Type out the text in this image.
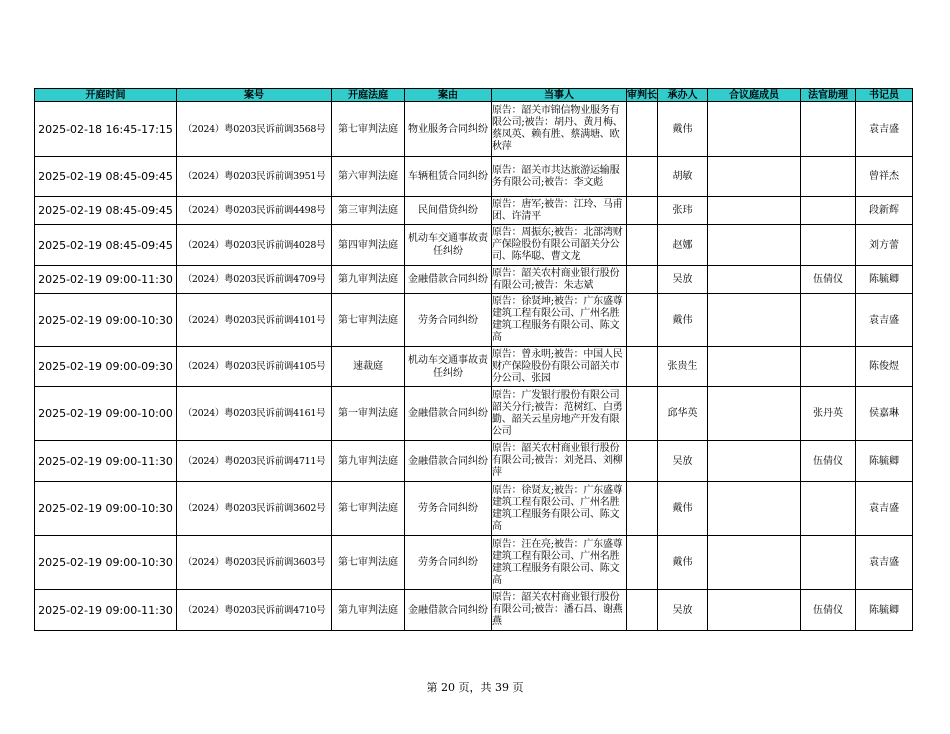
开庭时间	案号	开庭法庭	案由	当事人	审判长	承办人	合议庭成员	法官助理	书记员
2025-02-18 16:45-17:15	（2024）粤0203民诉前调3568号	第七审判法庭	物业服务合同纠纷	原告：韶关市锦信物业服务有限公司;被告：胡丹、黄月梅、蔡凤英、赖有胜、蔡满塘、欧秋萍		戴伟			袁吉盛
2025-02-19 08:45-09:45	（2024）粤0203民诉前调3951号	第六审判法庭	车辆租赁合同纠纷	原告：韶关市共达旅游运输服务有限公司;被告：李文彪		胡敏			曾祥杰
2025-02-19 08:45-09:45	（2024）粤0203民诉前调4498号	第三审判法庭	民间借贷纠纷	原告：唐军;被告：江玲、马甫团、许清平		张玮			段新辉
2025-02-19 08:45-09:45	（2024）粤0203民诉前调4028号	第四审判法庭	机动车交通事故责任纠纷	原告：周振东;被告：北部湾财产保险股份有限公司韶关分公司、陈华聪、曹文龙		赵娜			刘方蕾
2025-02-19 09:00-11:30	（2024）粤0203民诉前调4709号	第九审判法庭	金融借款合同纠纷	原告：韶关农村商业银行股份有限公司;被告：朱志斌		吴放		伍倩仪	陈毓卿
2025-02-19 09:00-10:30	（2024）粤0203民诉前调4101号	第七审判法庭	劳务合同纠纷	原告：徐贤坤;被告：广东盛尊建筑工程有限公司、广州名胜建筑工程服务有限公司、陈文高		戴伟			袁吉盛
2025-02-19 09:00-09:30	（2024）粤0203民诉前调4105号	速裁庭	机动车交通事故责任纠纷	原告：曾永明;被告：中国人民财产保险股份有限公司韶关市分公司、张园		张贵生			陈俊煜
2025-02-19 09:00-10:00	（2024）粤0203民诉前调4161号	第一审判法庭	金融借款合同纠纷	原告：广发银行股份有限公司韶关分行;被告：范树红、白勇勤、韶关云星房地产开发有限公司		邱华英		张丹英	侯嘉琳
2025-02-19 09:00-11:30	（2024）粤0203民诉前调4711号	第九审判法庭	金融借款合同纠纷	原告：韶关农村商业银行股份有限公司;被告：刘尧昌、刘柳萍		吴放		伍倩仪	陈毓卿
2025-02-19 09:00-10:30	（2024）粤0203民诉前调3602号	第七审判法庭	劳务合同纠纷	原告：徐贤友;被告：广东盛尊建筑工程有限公司、广州名胜建筑工程服务有限公司、陈文高		戴伟			袁吉盛
2025-02-19 09:00-10:30	（2024）粤0203民诉前调3603号	第七审判法庭	劳务合同纠纷	原告：汪在亮;被告：广东盛尊建筑工程有限公司、广州名胜建筑工程服务有限公司、陈文高		戴伟			袁吉盛
2025-02-19 09:00-11:30	（2024）粤0203民诉前调4710号	第九审判法庭	金融借款合同纠纷	原告：韶关农村商业银行股份有限公司;被告：潘石昌、谢燕燕		吴放		伍倩仪	陈毓卿
第 20 页，共 39 页
